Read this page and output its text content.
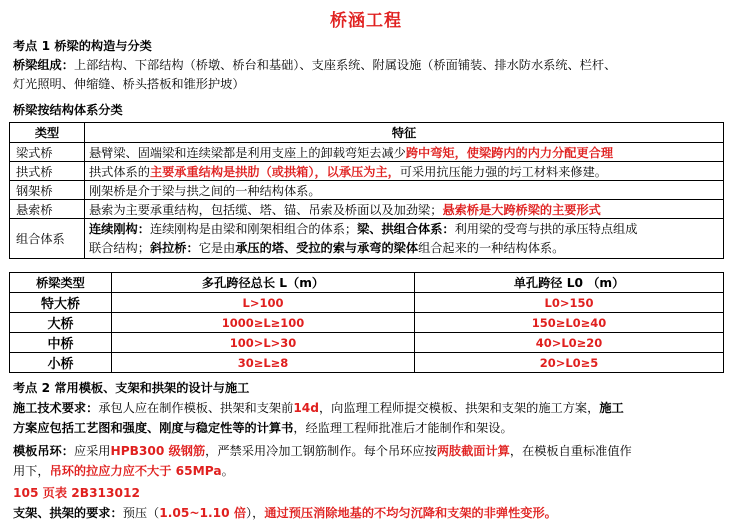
桥涵工程
考点 1 桥梁的构造与分类
桥梁组成：上部结构、下部结构（桥墩、桥台和基础）、支座系统、附属设施（桥面铺装、排水防水系统、栏杆、
灯光照明、伸缩缝、桥头搭板和锥形护坡）
桥梁按结构体系分类
类型	特征
梁式桥	悬臂梁、固端梁和连续梁都是利用支座上的卸载弯矩去减少跨中弯矩，使梁跨内的内力分配更合理
拱式桥	拱式体系的主要承重结构是拱肋（或拱箱），以承压为主，可采用抗压能力强的圬工材料来修建。
钢架桥	刚架桥是介于梁与拱之间的一种结构体系。
悬索桥	悬索为主要承重结构，包括缆、塔、锚、吊索及桥面以及加劲梁；悬索桥是大跨桥梁的主要形式
组合体系	连续刚构：连续刚构是由梁和刚架相组合的体系；梁、拱组合体系：利用梁的受弯与拱的承压特点组成
联合结构；斜拉桥：它是由承压的塔、受拉的索与承弯的梁体组合起来的一种结构体系。
桥梁类型	多孔跨径总长 L（m）	单孔跨径 L0 （m）
特大桥	L>100	L0>150
大桥	1000≥L≥100	150≥L0≥40
中桥	100>L>30	40>L0≥20
小桥	30≥L≥8	20>L0≥5
考点 2 常用模板、支架和拱架的设计与施工
施工技术要求：承包人应在制作模板、拱架和支架前14d，向监理工程师提交模板、拱架和支架的施工方案，施工
方案应包括工艺图和强度、刚度与稳定性等的计算书，经监理工程师批准后才能制作和架设。
模板吊环：应采用HPB300 级钢筋，严禁采用冷加工钢筋制作。每个吊环应按两肢截面计算，在模板自重标准值作
用下，吊环的拉应力应不大于 65MPa。
105 页表 2B313012
支架、拱架的要求：预压（1.05~1.10 倍），通过预压消除地基的不均匀沉降和支架的非弹性变形。
